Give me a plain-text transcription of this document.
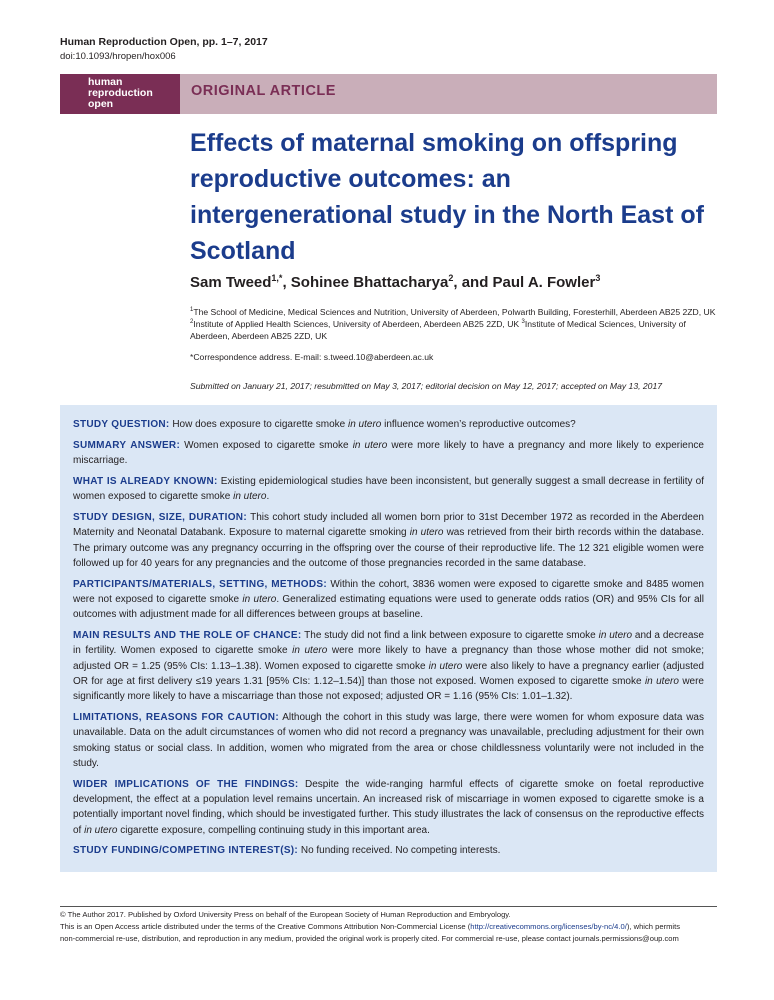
Human Reproduction Open, pp. 1–7, 2017
doi:10.1093/hropen/hox006
human
reproduction
open
ORIGINAL ARTICLE
Effects of maternal smoking on offspring reproductive outcomes: an intergenerational study in the North East of Scotland
Sam Tweed$^{1,*}$, Sohinee Bhattacharya$^2$, and Paul A. Fowler$^3$
$^1$The School of Medicine, Medical Sciences and Nutrition, University of Aberdeen, Polwarth Building, Foresterhill, Aberdeen AB25 2ZD, UK
$^2$Institute of Applied Health Sciences, University of Aberdeen, Aberdeen AB25 2ZD, UK $^3$Institute of Medical Sciences, University of Aberdeen, Aberdeen AB25 2ZD, UK
*Correspondence address. E-mail: s.tweed.10@aberdeen.ac.uk
Submitted on January 21, 2017; resubmitted on May 3, 2017; editorial decision on May 12, 2017; accepted on May 13, 2017

STUDY QUESTION: How does exposure to cigarette smoke in utero influence women’s reproductive outcomes?

SUMMARY ANSWER: Women exposed to cigarette smoke in utero were more likely to have a pregnancy and more likely to experience miscarriage.

WHAT IS ALREADY KNOWN: Existing epidemiological studies have been inconsistent, but generally suggest a small decrease in fertility of women exposed to cigarette smoke in utero.

STUDY DESIGN, SIZE, DURATION: This cohort study included all women born prior to 31st December 1972 as recorded in the Aberdeen Maternity and Neonatal Databank. Exposure to maternal cigarette smoking in utero was retrieved from their birth records within the database. The primary outcome was any pregnancy occurring in the offspring over the course of their reproductive life. The 12 321 eligible women were followed up for 40 years for any pregnancies and the outcome of those pregnancies recorded in the same database.

PARTICIPANTS/MATERIALS, SETTING, METHODS: Within the cohort, 3836 women were exposed to cigarette smoke and 8485 women were not exposed to cigarette smoke in utero. Generalized estimating equations were used to generate odds ratios (OR) and 95% CIs for all outcomes with adjustment made for all differences between groups at baseline.

MAIN RESULTS AND THE ROLE OF CHANCE: The study did not find a link between exposure to cigarette smoke in utero and a decrease in fertility. Women exposed to cigarette smoke in utero were more likely to have a pregnancy than those whose mother did not smoke; adjusted OR = 1.25 (95% CIs: 1.13–1.38). Women exposed to cigarette smoke in utero were also likely to have a pregnancy earlier (adjusted OR for age at first delivery ≤19 years 1.31 [95% CIs: 1.12–1.54)] than those not exposed. Women exposed to cigarette smoke in utero were significantly more likely to have a miscarriage than those not exposed; adjusted OR = 1.16 (95% CIs: 1.01–1.32).

LIMITATIONS, REASONS FOR CAUTION: Although the cohort in this study was large, there were women for whom exposure data was unavailable. Data on the adult circumstances of women who did not record a pregnancy was unavailable, precluding adjustment for their own smoking status or social class. In addition, women who migrated from the area or chose childlessness voluntarily were not included in the study.

WIDER IMPLICATIONS OF THE FINDINGS: Despite the wide-ranging harmful effects of cigarette smoke on foetal reproductive development, the effect at a population level remains uncertain. An increased risk of miscarriage in women exposed to cigarette smoke is a potentially important novel finding, which should be investigated further. This study illustrates the lack of consensus on the reproductive effects of in utero cigarette exposure, compelling continuing study in this important area.

STUDY FUNDING/COMPETING INTEREST(S): No funding received. No competing interests.

© The Author 2017. Published by Oxford University Press on behalf of the European Society of Human Reproduction and Embryology.
This is an Open Access article distributed under the terms of the Creative Commons Attribution Non-Commercial License (http://creativecommons.org/licenses/by-nc/4.0/), which permits
non-commercial re-use, distribution, and reproduction in any medium, provided the original work is properly cited. For commercial re-use, please contact journals.permissions@oup.com
